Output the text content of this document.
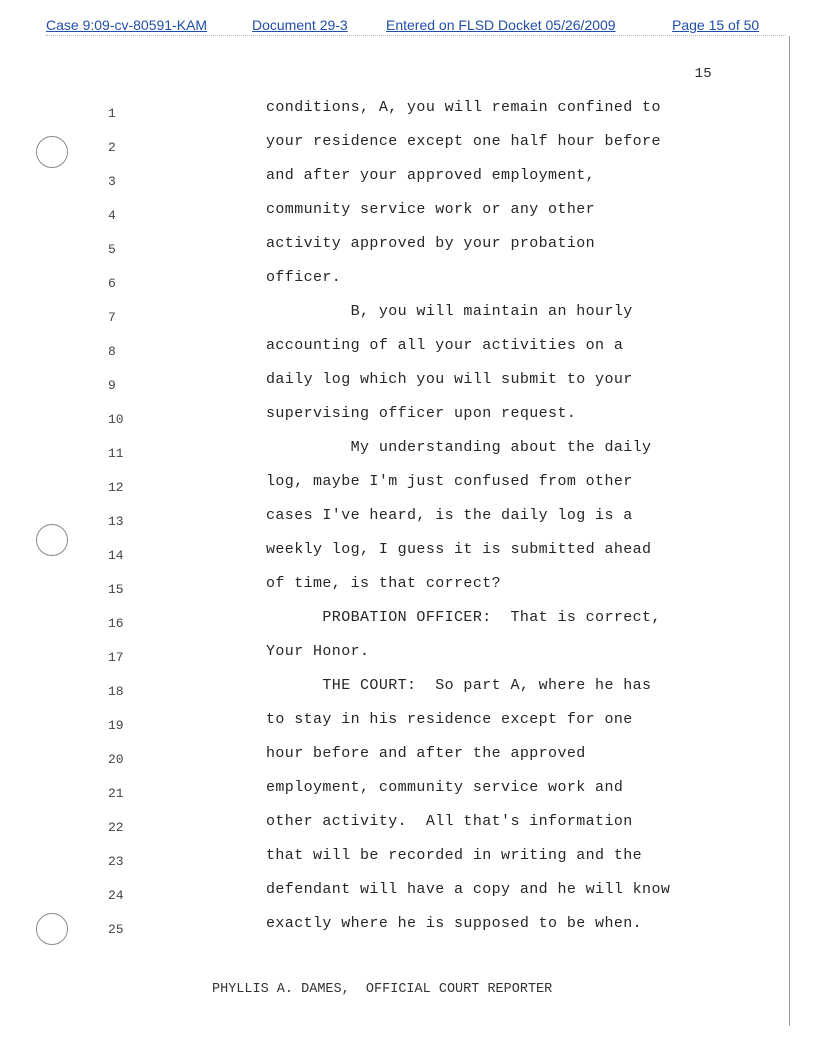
Case 9:09-cv-80591-KAM	Document 29-3	Entered on FLSD Docket 05/26/2009	Page 15 of 50
15
1	conditions, A, you will remain confined to
2	your residence except one half hour before
3	and after your approved employment,
4	community service work or any other
5	activity approved by your probation
6	officer.
7	B, you will maintain an hourly
8	accounting of all your activities on a
9	daily log which you will submit to your
10	supervising officer upon request.
11	My understanding about the daily
12	log, maybe I'm just confused from other
13	cases I've heard, is the daily log is a
14	weekly log, I guess it is submitted ahead
15	of time, is that correct?
16	PROBATION OFFICER:  That is correct,
17	Your Honor.
18	THE COURT:  So part A, where he has
19	to stay in his residence except for one
20	hour before and after the approved
21	employment, community service work and
22	other activity.  All that's information
23	that will be recorded in writing and the
24	defendant will have a copy and he will know
25	exactly where he is supposed to be when.
PHYLLIS A. DAMES,  OFFICIAL COURT REPORTER
